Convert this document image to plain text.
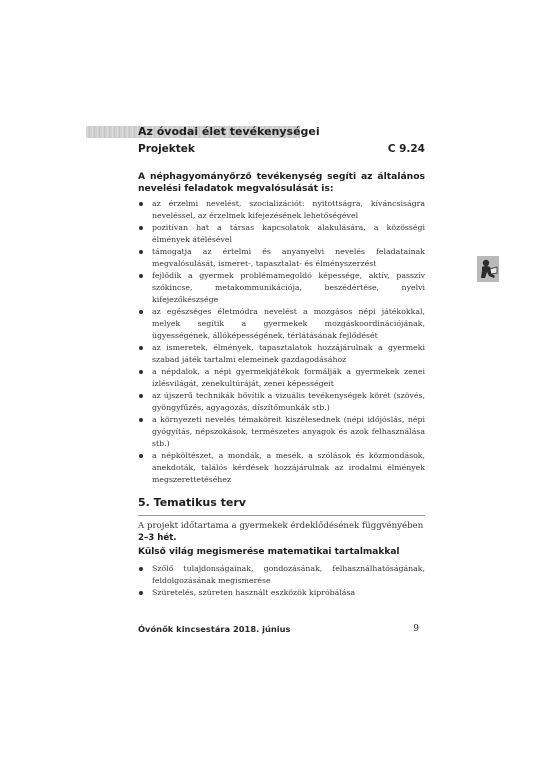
Az óvodai élet tevékenységei
Projektek	C 9.24
A néphagyományőrző tevékenység segíti az általános nevelési feladatok megvalósulását is:
az érzelmi nevelést, szocializációt: nyitottságra, kíváncsiságra neveléssel, az érzelmek kifejezésének lehetőségével
pozitívan hat a társas kapcsolatok alakulására, a közösségi élmények átélésével
támogatja az értelmi és anyanyelvi nevelés feladatainak megvalósulását, ismeret-, tapasztalat- és élményszerzést
fejlődik a gyermek problémamegoldó képessége, aktív, passzív szókincse, metakommunikációja, beszédértése, nyelvi kifejezőkészsége
az egészséges életmódra nevelést a mozgásos népi játékokkal, melyek segítik a gyermekek mozgáskoordinációjának, ügyességének, állóképességének, térlátásának fejlődését
az ismeretek, élmények, tapasztalatok hozzájárulnak a gyermeki szabad játék tartalmi elemeinek gazdagodásához
a népdalok, a népi gyermekjátékok formálják a gyermekek zenei ízlésvilágát, zenekultúráját, zenei képességeit
az újszerű technikák bővítik a vizuális tevékenységek körét (szövés, gyöngyfűzés, agyagozás, díszítőmunkák stb.)
a környezeti nevelés témaköreit kiszélesednek (népi időjóslás, népi gyógyítás, népszokások, természetes anyagok és azok felhasználása stb.)
a népköltészet, a mondák, a mesék, a szólások és közmondások, anekdoták, találós kérdések hozzájárulnak az irodalmi élmények megszerettetéséhez
5. Tematikus terv
A projekt időtartama a gyermekek érdeklődésének függvényében
2–3 hét.
Külső világ megismerése matematikai tartalmakkal
Szőlő tulajdonságainak, gondozásának, felhasználhatóságának, feldolgozásának megismerése
Szüretelés, szüreten használt eszközök kipróbálása
Óvónők kincsestára 2018. június	9
